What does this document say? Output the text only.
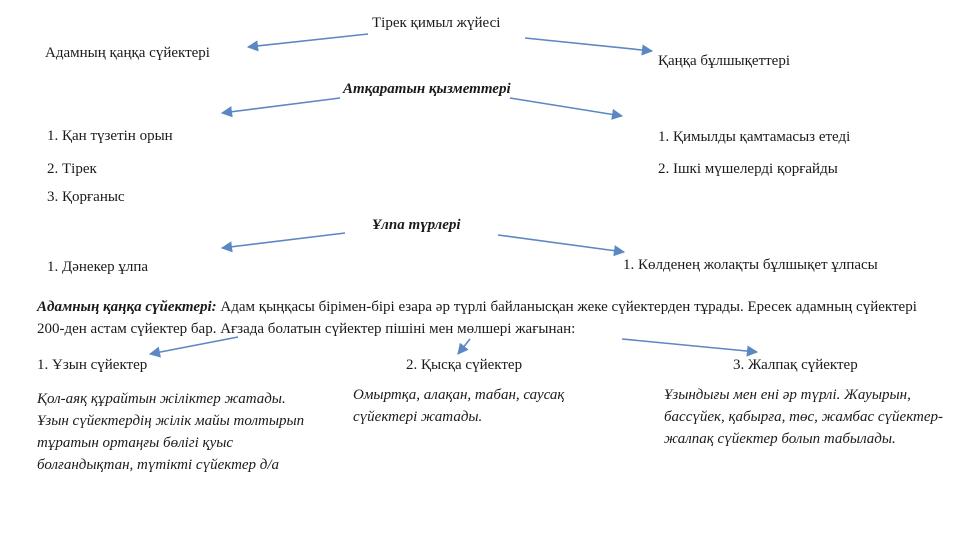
Тірек қимыл жүйесі
Адамның қаңқа сүйектері	Қаңқа бұлшықеттері
Атқаратын қызметтері
1. Қан түзетін орын
2. Тірек
3. Қорғаныс
1. Қимылды қамтамасыз етеді
2. Ішкі мүшелерді қорғайды
Ұлпа түрлері
1. Дәнекер ұлпа	1. Көлденең жолақты бұлшықет ұлпасы
Адамның қаңқа сүйектері: Адам қыңқасы бірімен-бірі езара әр түрлі байланысқан жеке сүйектерден тұрады. Ересек адамның сүйектері 200-ден астам сүйектер бар. Ағзада болатын сүйектер пішіні мен мөлшері жағынан:
1. Ұзын сүйектер	2. Қысқа сүйектер	3. Жалпақ сүйектер
Қол-аяқ құрайтын жіліктер жатады. Ұзын сүйектердің жілік майы толтырып тұратын ортаңғы бөлігі қуыс болғандықтан, түтікті сүйектер д/а
Омыртқа, алақан, табан, саусақ сүйектері жатады.
Ұзындығы мен ені әр түрлі. Жауырын, бассүйек, қабырға, төс, жамбас сүйектер-жалпақ сүйектер болып табылады.
